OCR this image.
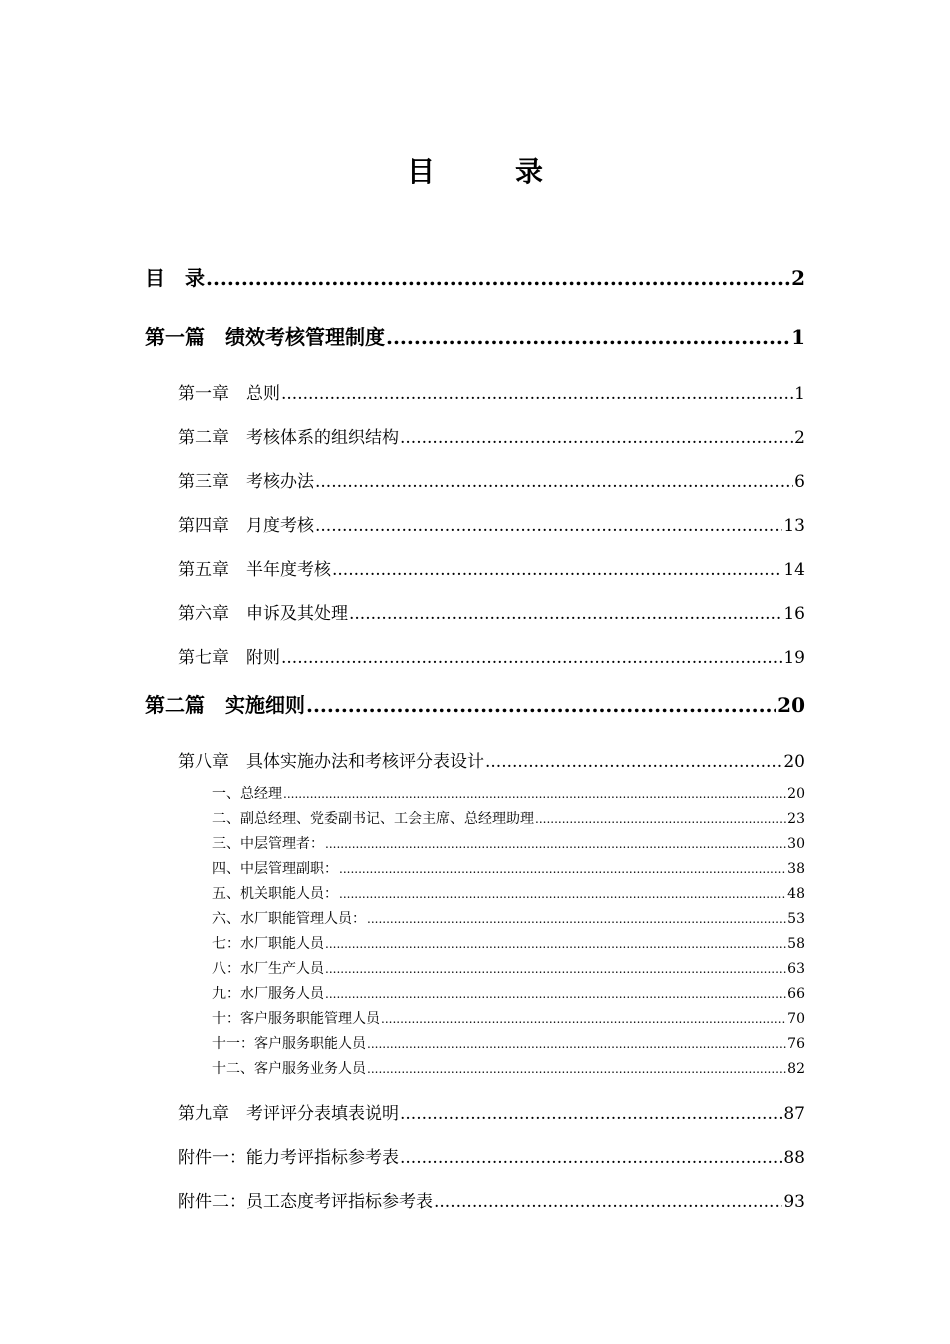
目　录
目　录 .....	2
第一篇　绩效考核管理制度 .....	1
第一章　总则 .....	1
第二章　考核体系的组织结构 .....	2
第三章　考核办法 .....	6
第四章　月度考核 .....	13
第五章　半年度考核 .....	14
第六章　申诉及其处理 .....	16
第七章　附则 .....	19
第二篇　实施细则 .....	20
第八章　具体实施办法和考核评分表设计 .....	20
一、总经理 .....	20
二、副总经理、党委副书记、工会主席、总经理助理 .....	23
三、中层管理者： .....	30
四、中层管理副职： .....	38
五、机关职能人员： .....	48
六、水厂职能管理人员： .....	53
七：水厂职能人员 .....	58
八：水厂生产人员 .....	63
九：水厂服务人员 .....	66
十：客户服务职能管理人员 .....	70
十一：客户服务职能人员 .....	76
十二、客户服务业务人员 .....	82
第九章　考评评分表填表说明 .....	87
附件一：能力考评指标参考表 .....	88
附件二：员工态度考评指标参考表 .....	93
